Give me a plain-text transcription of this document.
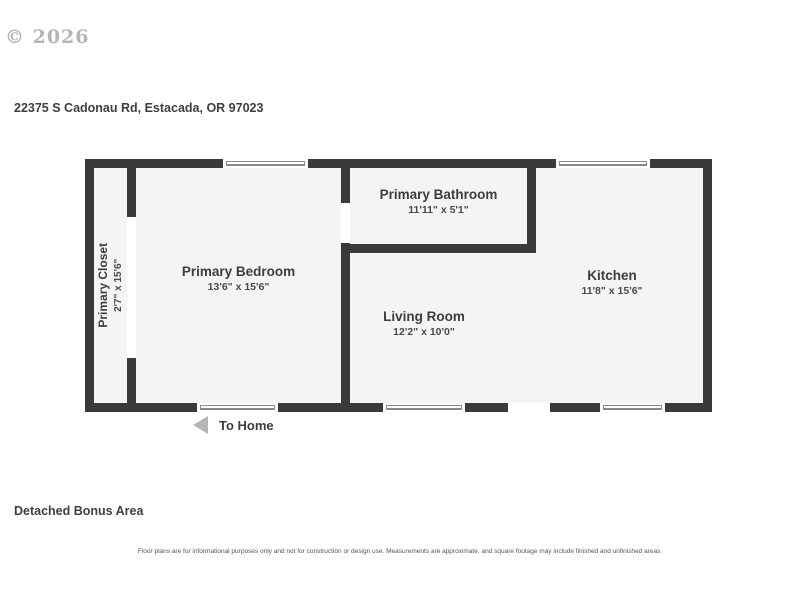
© 2026
22375 S Cadonau Rd, Estacada, OR 97023
Primary Closet 2'7" x 15'6"	Primary Bedroom
13'6" x 15'6"
Primary Bathroom
11'11" x 5'1"
Living Room
12'2" x 10'0"
Kitchen
11'8" x 15'6"
To Home
Detached Bonus Area
Floor plans are for informational purposes only and not for construction or design use. Measurements are approximate, and square footage may include finished and unfinished areas.
